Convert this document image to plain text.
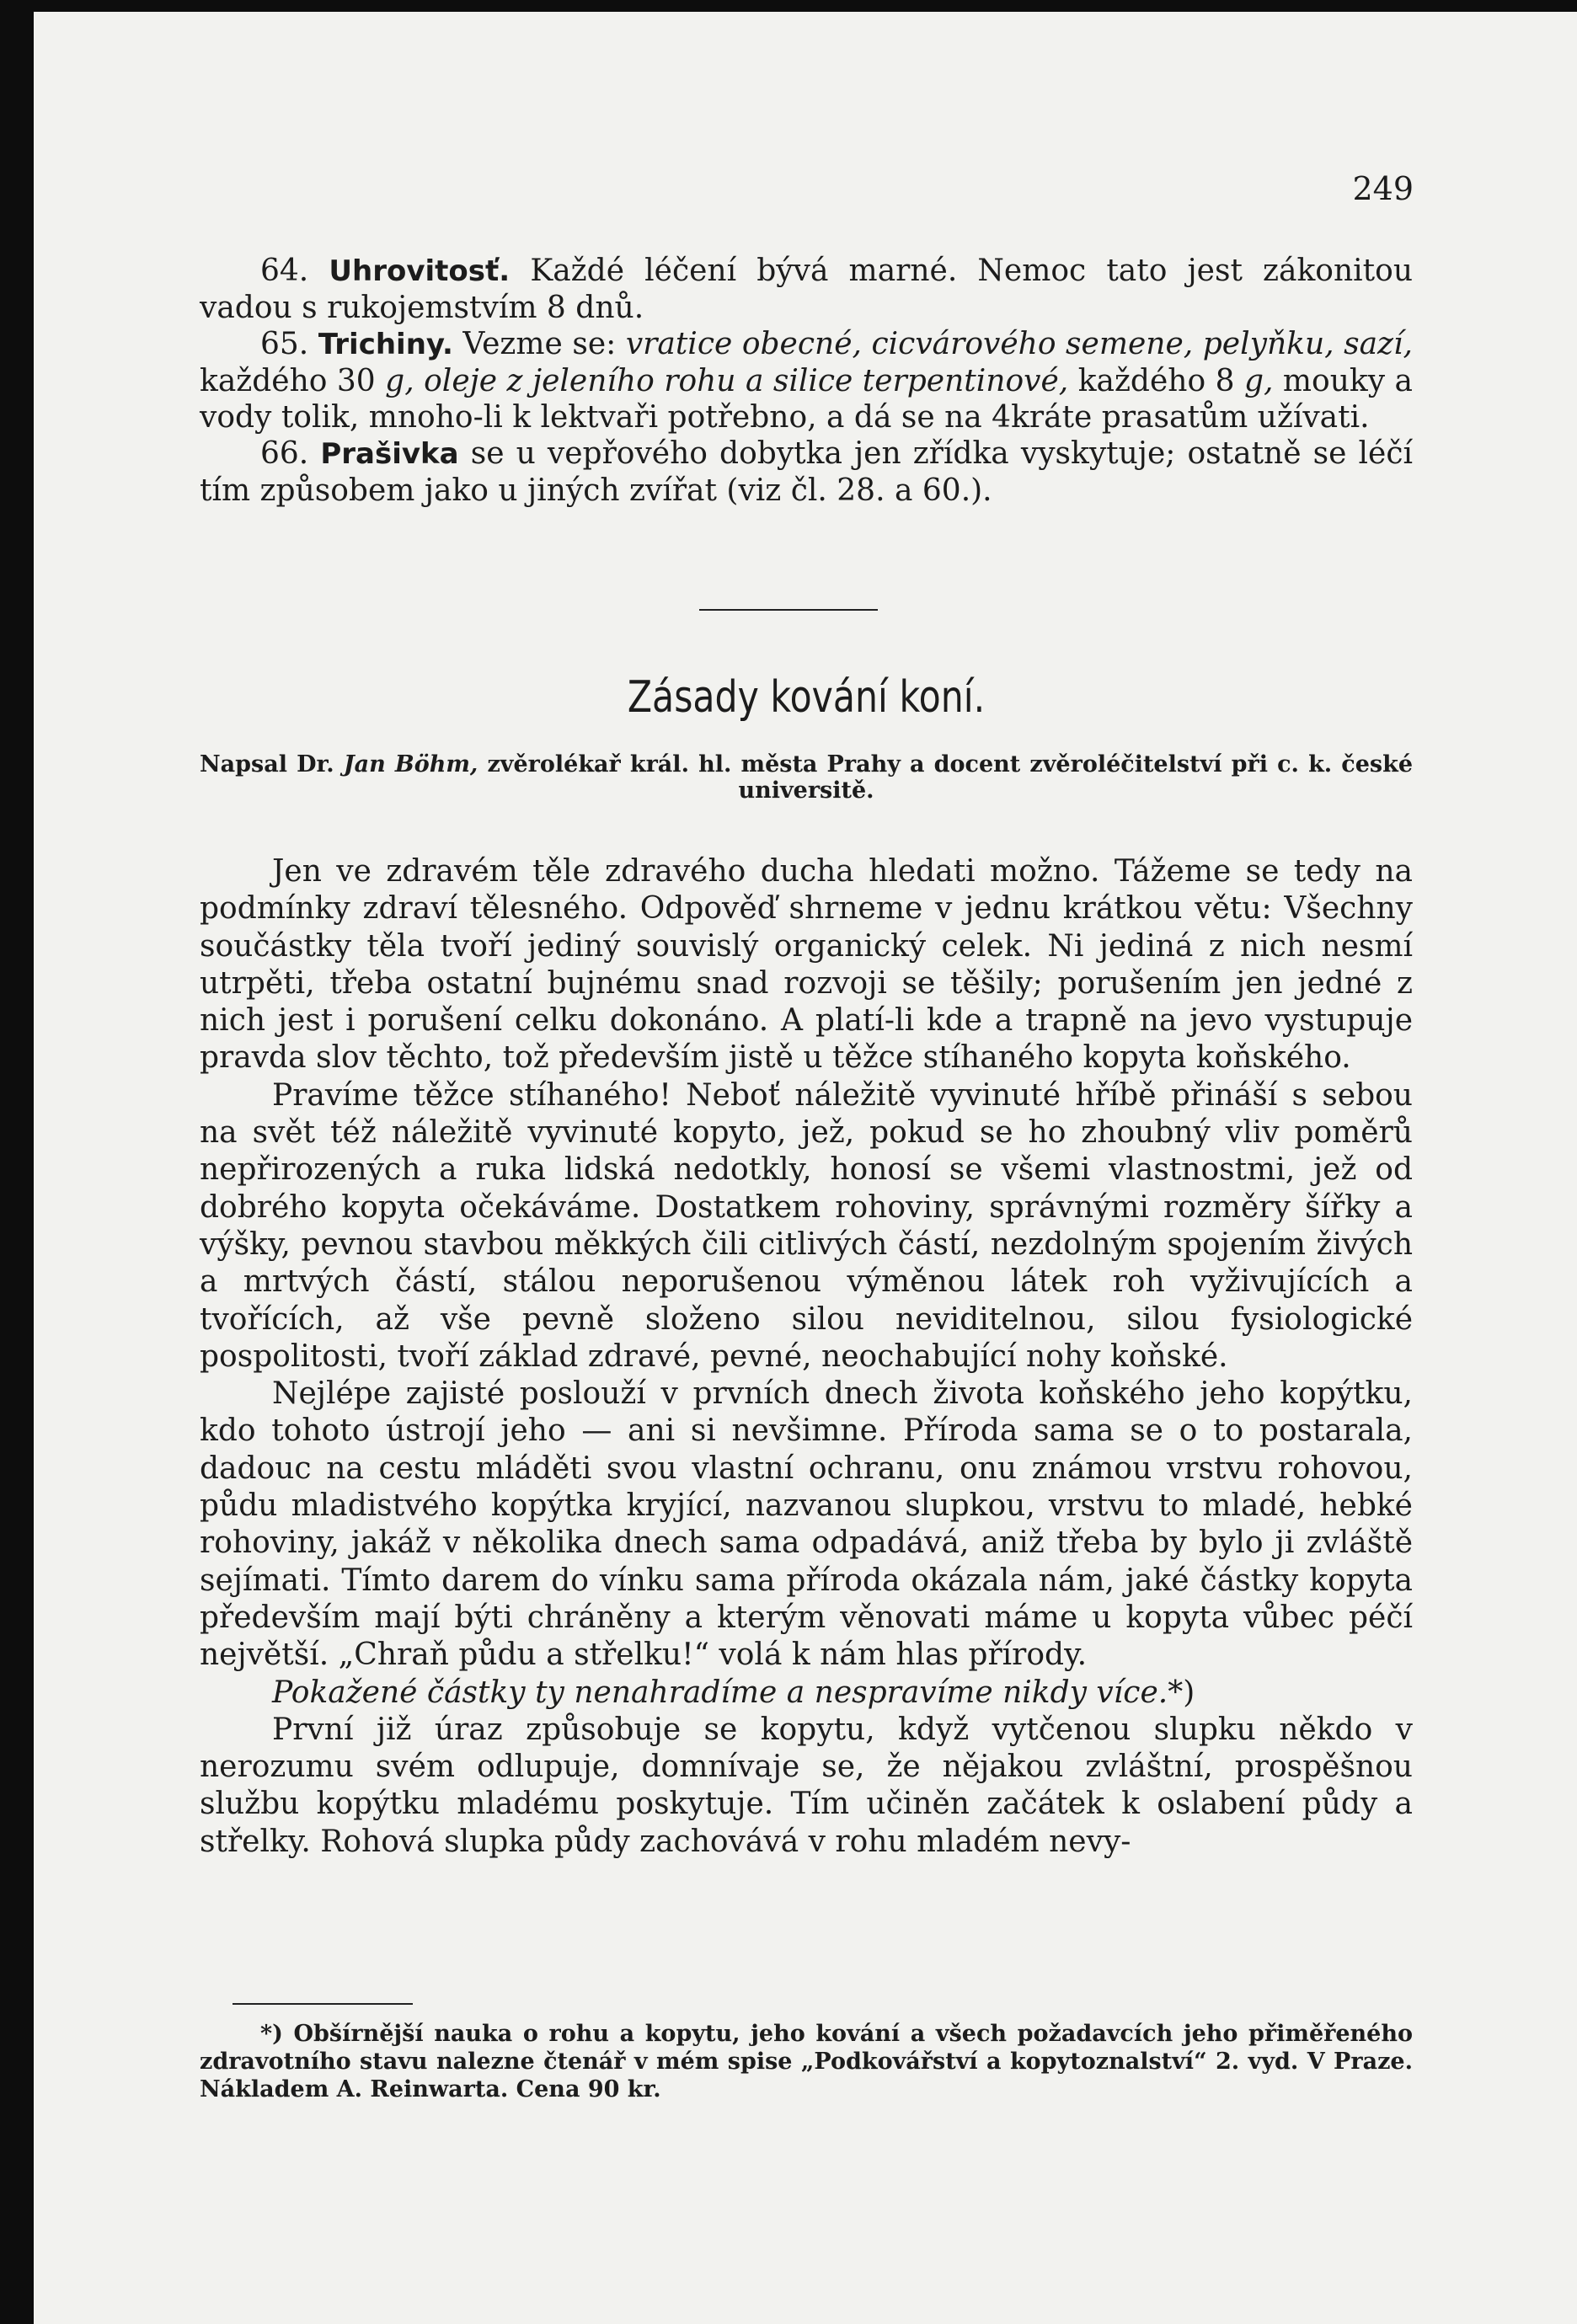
249

64. Uhrovitosť. Každé léčení bývá marné. Nemoc tato jest zákonitou vadou s rukojemstvím 8 dnů.

65. Trichiny. Vezme se: vratice obecné, cicvárového semene, pelyňku, sazí, každého 30 g, oleje z jeleního rohu a silice terpentinové, každého 8 g, mouky a vody tolik, mnoho-li k lektvaři potřebno, a dá se na 4kráte prasatům užívati.

66. Prašivka se u vepřového dobytka jen zřídka vyskytuje; ostatně se léčí tím způsobem jako u jiných zvířat (viz čl. 28. a 60.).

Zásady kování koní.
Napsal Dr. Jan Böhm, zvěrolékař král. hl. města Prahy a docent zvěroléčitelství při c. k. české universitě.

Jen ve zdravém těle zdravého ducha hledati možno. Tážeme se tedy na podmínky zdraví tělesného. Odpověď shrneme v jednu krátkou větu: Všechny součástky těla tvoří jediný souvislý organický celek. Ni jediná z nich nesmí utrpěti, třeba ostatní bujnému snad rozvoji se těšily; porušením jen jedné z nich jest i porušení celku dokonáno. A platí-li kde a trapně na jevo vystupuje pravda slov těchto, tož především jistě u těžce stíhaného kopyta koňského.

Pravíme těžce stíhaného! Neboť náležitě vyvinuté hříbě přináší s sebou na svět též náležitě vyvinuté kopyto, jež, pokud se ho zhoubný vliv poměrů nepřirozených a ruka lidská nedotkly, honosí se všemi vlastnostmi, jež od dobrého kopyta očekáváme. Dostatkem rohoviny, správnými rozměry šířky a výšky, pevnou stavbou měkkých čili citlivých částí, nezdolným spojením živých a mrtvých částí, stálou neporušenou výměnou látek roh vyživujících a tvořících, až vše pevně složeno silou neviditelnou, silou fysiologické pospolitosti, tvoří základ zdravé, pevné, neochabující nohy koňské.

Nejlépe zajisté poslouží v prvních dnech života koňského jeho kopýtku, kdo tohoto ústrojí jeho — ani si nevšimne. Příroda sama se o to postarala, dadouc na cestu mláděti svou vlastní ochranu, onu známou vrstvu rohovou, půdu mladistvého kopýtka kryjící, nazvanou slupkou, vrstvu to mladé, hebké rohoviny, jakáž v několika dnech sama odpadává, aniž třeba by bylo ji zvláště sejímati. Tímto darem do vínku sama příroda okázala nám, jaké částky kopyta především mají býti chráněny a kterým věnovati máme u kopyta vůbec péčí největší. „Chraň půdu a střelku!“ volá k nám hlas přírody.

Pokažené částky ty nenahradíme a nespravíme nikdy více.*)

První již úraz způsobuje se kopytu, když vytčenou slupku někdo v nerozumu svém odlupuje, domnívaje se, že nějakou zvláštní, prospěšnou službu kopýtku mladému poskytuje. Tím učiněn začátek k oslabení půdy a střelky. Rohová slupka půdy zachovává v rohu mladém nevy-

*) Obšírnější nauka o rohu a kopytu, jeho kování a všech požadavcích jeho přiměřeného zdravotního stavu nalezne čtenář v mém spise „Podkovářství a kopytoznalství“ 2. vyd. V Praze. Nákladem A. Reinwarta. Cena 90 kr.
